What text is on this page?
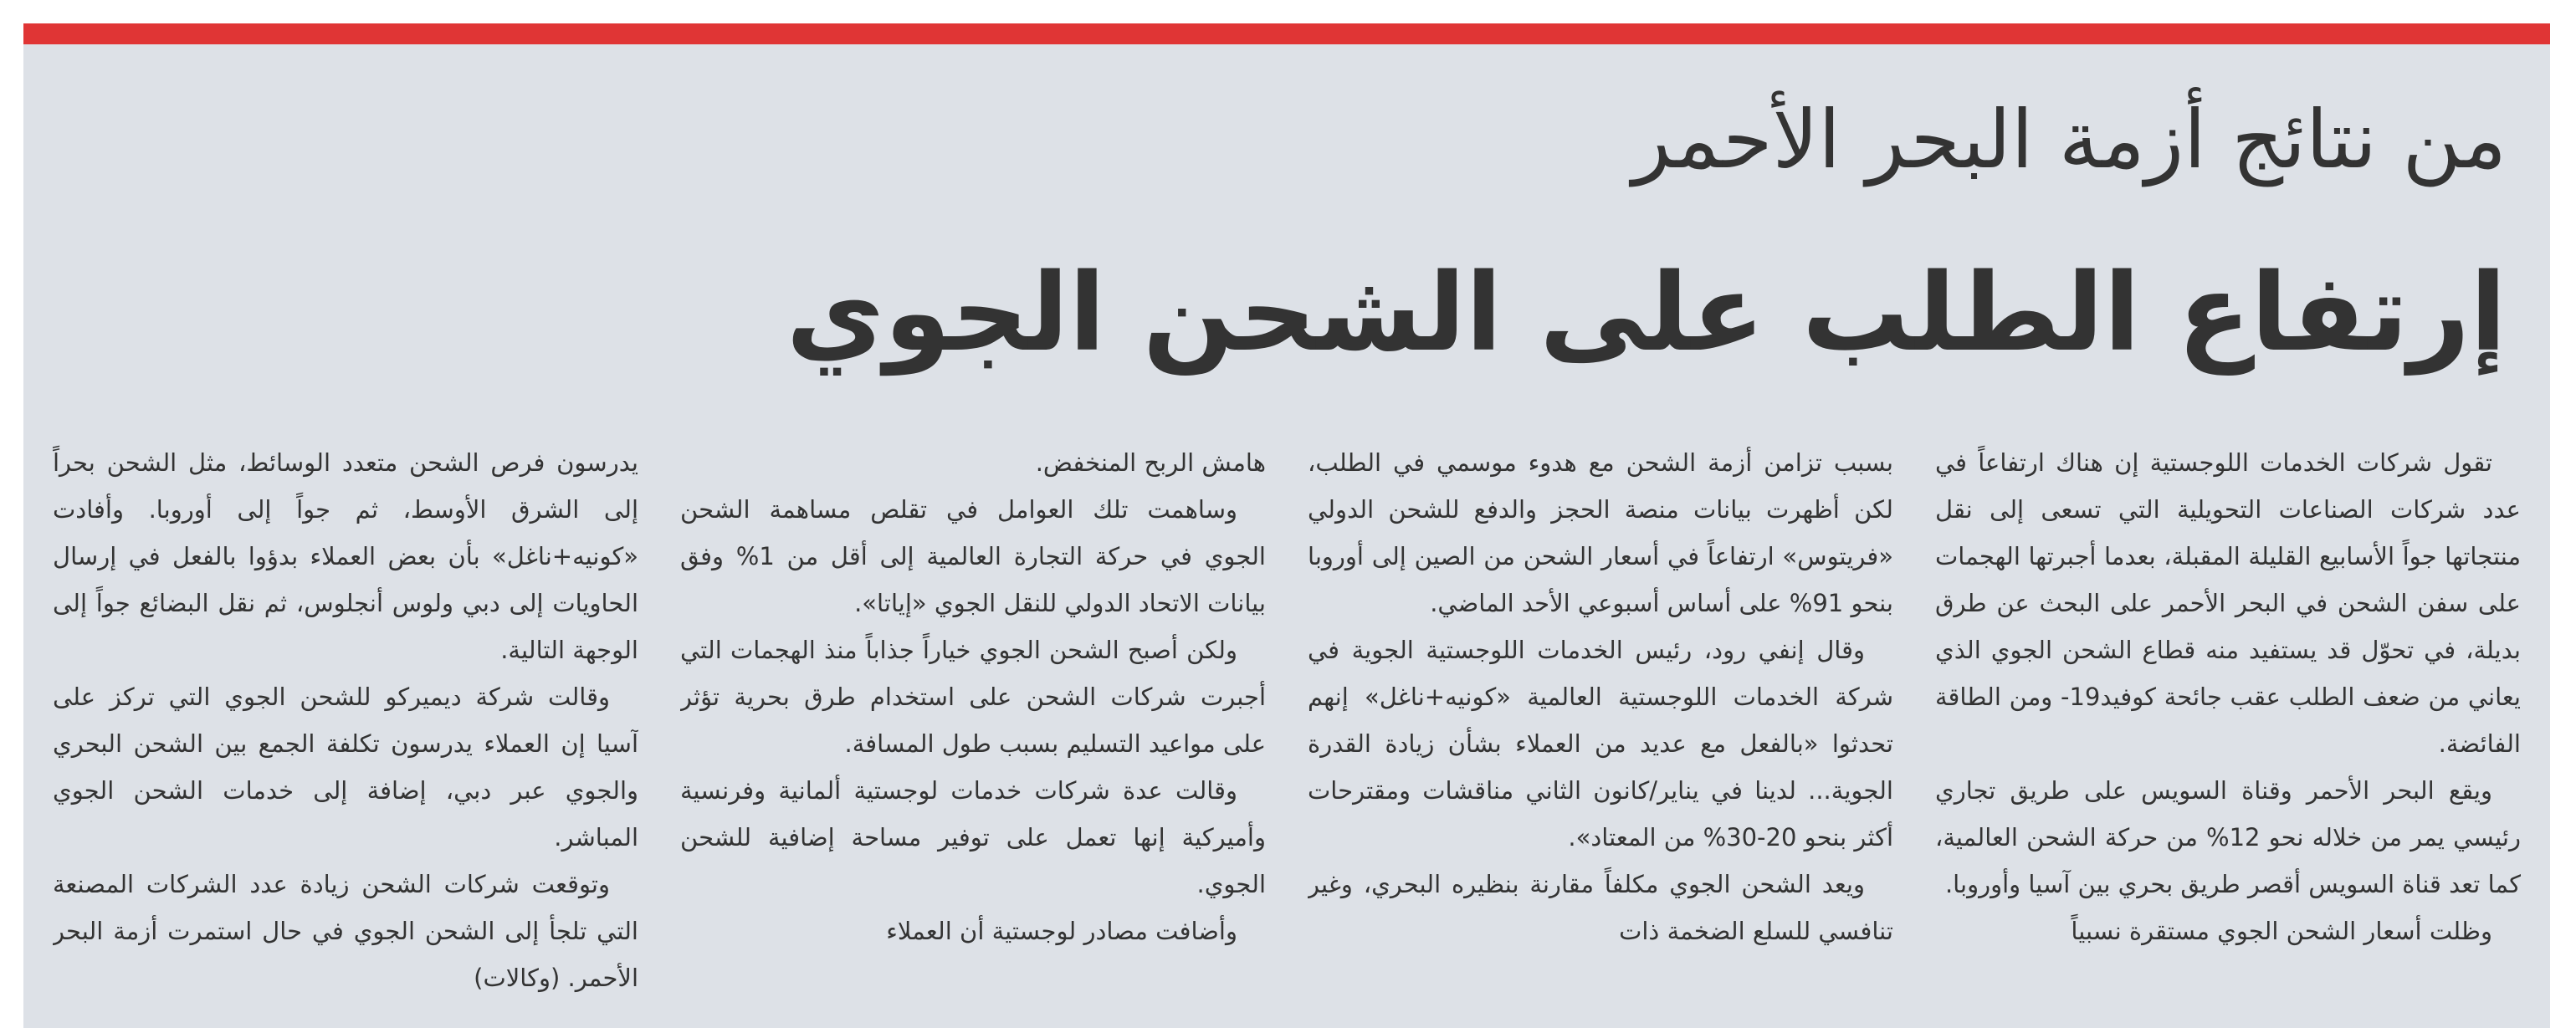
من نتائج أزمة البحر الأحمر
إرتفاع الطلب على الشحن الجوي

تقول شركات الخدمات اللوجستية إن هناك ارتفاعاً في عدد شركات الصناعات التحويلية التي تسعى إلى نقل منتجاتها جواً الأسابيع القليلة المقبلة، بعدما أجبرتها الهجمات على سفن الشحن في البحر الأحمر على البحث عن طرق بديلة، في تحوّل قد يستفيد منه قطاع الشحن الجوي الذي يعاني من ضعف الطلب عقب جائحة كوفيد19- ومن الطاقة الفائضة.

ويقع البحر الأحمر وقناة السويس على طريق تجاري رئيسي يمر من خلاله نحو 12% من حركة الشحن العالمية، كما تعد قناة السويس أقصر طريق بحري بين آسيا وأوروبا.

وظلت أسعار الشحن الجوي مستقرة نسبياً

بسبب تزامن أزمة الشحن مع هدوء موسمي في الطلب، لكن أظهرت بيانات منصة الحجز والدفع للشحن الدولي «فريتوس» ارتفاعاً في أسعار الشحن من الصين إلى أوروبا بنحو 91% على أساس أسبوعي الأحد الماضي.

وقال إنفي رود، رئيس الخدمات اللوجستية الجوية في شركة الخدمات اللوجستية العالمية «كونيه+ناغل» إنهم تحدثوا «بالفعل مع عديد من العملاء بشأن زيادة القدرة الجوية... لدينا في يناير/كانون الثاني مناقشات ومقترحات أكثر بنحو 20-30% من المعتاد».

ويعد الشحن الجوي مكلفاً مقارنة بنظيره البحري، وغير تنافسي للسلع الضخمة ذات

هامش الربح المنخفض.

وساهمت تلك العوامل في تقلص مساهمة الشحن الجوي في حركة التجارة العالمية إلى أقل من 1% وفق بيانات الاتحاد الدولي للنقل الجوي «إياتا».

ولكن أصبح الشحن الجوي خياراً جذاباً منذ الهجمات التي أجبرت شركات الشحن على استخدام طرق بحرية تؤثر على مواعيد التسليم بسبب طول المسافة.

وقالت عدة شركات خدمات لوجستية ألمانية وفرنسية وأميركية إنها تعمل على توفير مساحة إضافية للشحن الجوي.

وأضافت مصادر لوجستية أن العملاء

يدرسون فرص الشحن متعدد الوسائط، مثل الشحن بحراً إلى الشرق الأوسط، ثم جواً إلى أوروبا. وأفادت «كونيه+ناغل» بأن بعض العملاء بدؤوا بالفعل في إرسال الحاويات إلى دبي ولوس أنجلوس، ثم نقل البضائع جواً إلى الوجهة التالية.

وقالت شركة ديميركو للشحن الجوي التي تركز على آسيا إن العملاء يدرسون تكلفة الجمع بين الشحن البحري والجوي عبر دبي، إضافة إلى خدمات الشحن الجوي المباشر.

وتوقعت شركات الشحن زيادة عدد الشركات المصنعة التي تلجأ إلى الشحن الجوي في حال استمرت أزمة البحر الأحمر. (وكالات)
